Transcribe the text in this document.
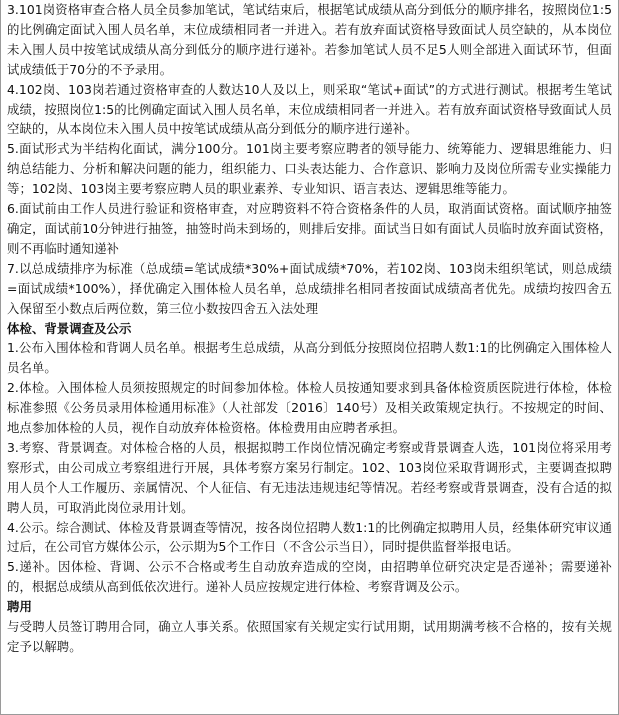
3.101岗资格审查合格人员全员参加笔试，笔试结束后，根据笔试成绩从高分到低分的顺序排名，按照岗位1:5的比例确定面试入围人员名单，末位成绩相同者一并进入。若有放弃面试资格导致面试人员空缺的，从本岗位未入围人员中按笔试成绩从高分到低分的顺序进行递补。若参加笔试人员不足5人则全部进入面试环节，但面试成绩低于70分的不予录用。

4.102岗、103岗若通过资格审查的人数达10人及以上，则采取“笔试+面试”的方式进行测试。根据考生笔试成绩，按照岗位1:5的比例确定面试入围人员名单，末位成绩相同者一并进入。若有放弃面试资格导致面试人员空缺的，从本岗位未入围人员中按笔试成绩从高分到低分的顺序进行递补。

5.面试形式为半结构化面试，满分100分。101岗主要考察应聘者的领导能力、统筹能力、逻辑思维能力、归纳总结能力、分析和解决问题的能力，组织能力、口头表达能力、合作意识、影响力及岗位所需专业实操能力等；102岗、103岗主要考察应聘人员的职业素养、专业知识、语言表达、逻辑思维等能力。

6.面试前由工作人员进行验证和资格审查，对应聘资料不符合资格条件的人员，取消面试资格。面试顺序抽签确定，面试前10分钟进行抽签，抽签时尚未到场的，则排后安排。面试当日如有面试人员临时放弃面试资格，则不再临时通知递补

7.以总成绩排序为标准（总成绩=笔试成绩*30%+面试成绩*70%，若102岗、103岗未组织笔试，则总成绩=面试成绩*100%），择优确定入围体检人员名单，总成绩排名相同者按面试成绩高者优先。成绩均按四舍五入保留至小数点后两位数，第三位小数按四舍五入法处理

体检、背景调查及公示

1.公布入围体检和背调人员名单。根据考生总成绩，从高分到低分按照岗位招聘人数1:1的比例确定入围体检人员名单。

2.体检。入围体检人员须按照规定的时间参加体检。体检人员按通知要求到具备体检资质医院进行体检，体检标准参照《公务员录用体检通用标准》（人社部发〔2016〕140号）及相关政策规定执行。不按规定的时间、地点参加体检的人员，视作自动放弃体检资格。体检费用由应聘者承担。

3.考察、背景调查。对体检合格的人员，根据拟聘工作岗位情况确定考察或背景调查人选，101岗位将采用考察形式，由公司成立考察组进行开展，具体考察方案另行制定。102、103岗位采取背调形式，主要调查拟聘用人员个人工作履历、亲属情况、个人征信、有无违法违规违纪等情况。若经考察或背景调查，没有合适的拟聘人员，可取消此岗位录用计划。

4.公示。综合测试、体检及背景调查等情况，按各岗位招聘人数1:1的比例确定拟聘用人员，经集体研究审议通过后，在公司官方媒体公示，公示期为5个工作日（不含公示当日），同时提供监督举报电话。

5.递补。因体检、背调、公示不合格或考生自动放弃造成的空岗，由招聘单位研究决定是否递补；需要递补的，根据总成绩从高到低依次进行。递补人员应按规定进行体检、考察背调及公示。

聘用

与受聘人员签订聘用合同，确立人事关系。依照国家有关规定实行试用期，试用期满考核不合格的，按有关规定予以解聘。
